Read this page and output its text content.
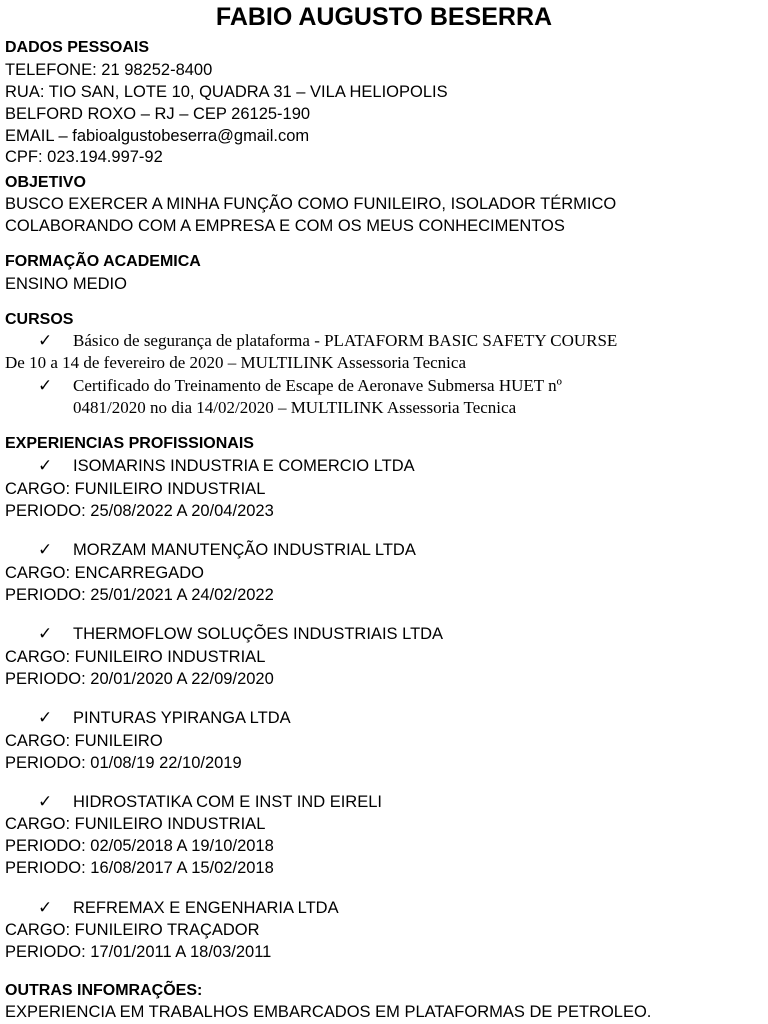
FABIO AUGUSTO BESERRA
DADOS PESSOAIS
TELEFONE: 21 98252-8400
RUA: TIO SAN, LOTE 10, QUADRA 31 – VILA HELIOPOLIS
BELFORD ROXO – RJ – CEP 26125-190
EMAIL – fabioalgustobeserra@gmail.com
CPF: 023.194.997-92
OBJETIVO
BUSCO EXERCER A MINHA FUNÇÃO COMO FUNILEIRO, ISOLADOR TÉRMICO
COLABORANDO COM A EMPRESA E COM OS MEUS CONHECIMENTOS
FORMAÇÃO ACADEMICA
ENSINO MEDIO
CURSOS
✓ Básico de segurança de plataforma - PLATAFORM BASIC SAFETY COURSE
De 10 a 14 de fevereiro de 2020 – MULTILINK Assessoria Tecnica
✓ Certificado do Treinamento de Escape de Aeronave Submersa HUET nº
0481/2020 no dia 14/02/2020 – MULTILINK Assessoria Tecnica
EXPERIENCIAS PROFISSIONAIS
✓ ISOMARINS INDUSTRIA E COMERCIO LTDA
CARGO: FUNILEIRO INDUSTRIAL
PERIODO: 25/08/2022 A 20/04/2023
✓ MORZAM MANUTENÇÃO INDUSTRIAL LTDA
CARGO: ENCARREGADO
PERIODO: 25/01/2021 A 24/02/2022
✓ THERMOFLOW SOLUÇÕES INDUSTRIAIS LTDA
CARGO: FUNILEIRO INDUSTRIAL
PERIODO: 20/01/2020 A 22/09/2020
✓ PINTURAS YPIRANGA LTDA
CARGO: FUNILEIRO
PERIODO: 01/08/19 22/10/2019
✓ HIDROSTATIKA COM E INST IND EIRELI
CARGO: FUNILEIRO INDUSTRIAL
PERIODO: 02/05/2018 A 19/10/2018
PERIODO: 16/08/2017 A 15/02/2018
✓ REFREMAX E ENGENHARIA LTDA
CARGO: FUNILEIRO TRAÇADOR
PERIODO: 17/01/2011 A 18/03/2011
OUTRAS INFOMRAÇÕES:
EXPERIENCIA EM TRABALHOS EMBARCADOS EM PLATAFORMAS DE PETROLEO.
